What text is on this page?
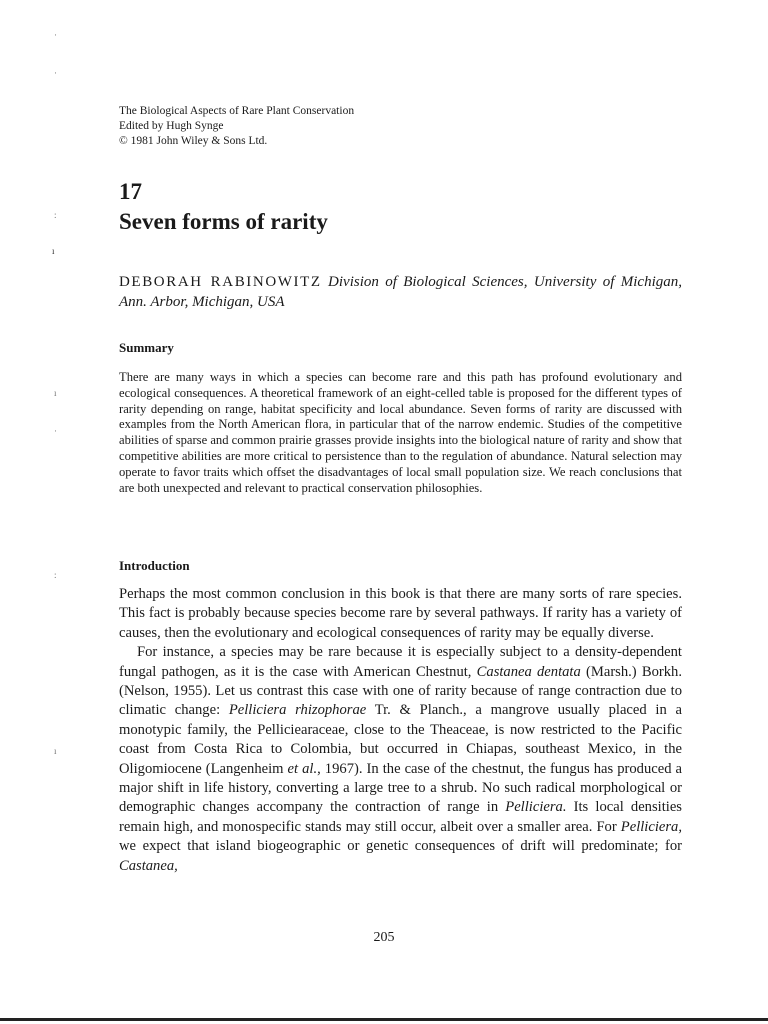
The Biological Aspects of Rare Plant Conservation
Edited by Hugh Synge
© 1981 John Wiley & Sons Ltd.
17
Seven forms of rarity
DEBORAH RABINOWITZ Division of Biological Sciences, University of Michigan, Ann. Arbor, Michigan, USA
Summary
There are many ways in which a species can become rare and this path has profound evolutionary and ecological consequences. A theoretical framework of an eight-celled table is proposed for the different types of rarity depending on range, habitat specificity and local abundance. Seven forms of rarity are discussed with examples from the North American flora, in particular that of the narrow endemic. Studies of the competitive abilities of sparse and common prairie grasses provide insights into the biological nature of rarity and show that competitive abilities are more critical to persistence than to the regulation of abundance. Natural selection may operate to favor traits which offset the disadvantages of local small population size. We reach conclusions that are both unexpected and relevant to practical conservation philosophies.
Introduction

Perhaps the most common conclusion in this book is that there are many sorts of rare species. This fact is probably because species become rare by several pathways. If rarity has a variety of causes, then the evolutionary and ecological consequences of rarity may be equally diverse.

For instance, a species may be rare because it is especially subject to a density-dependent fungal pathogen, as it is the case with American Chestnut, Castanea dentata (Marsh.) Borkh. (Nelson, 1955). Let us contrast this case with one of rarity because of range contraction due to climatic change: Pelliciera rhizophorae Tr. & Planch., a mangrove usually placed in a monotypic family, the Pelliciearaceae, close to the Theaceae, is now restricted to the Pacific coast from Costa Rica to Colombia, but occurred in Chiapas, southeast Mexico, in the Oligomiocene (Langenheim et al., 1967). In the case of the chestnut, the fungus has produced a major shift in life history, converting a large tree to a shrub. No such radical morphological or demographic changes accompany the contraction of range in Pelliciera. Its local densities remain high, and monospecific stands may still occur, albeit over a smaller area. For Pelliciera, we expect that island biogeographic or genetic consequences of drift will predominate; for Castanea,

205
·
·
:
ı
ı
·
:
ı
